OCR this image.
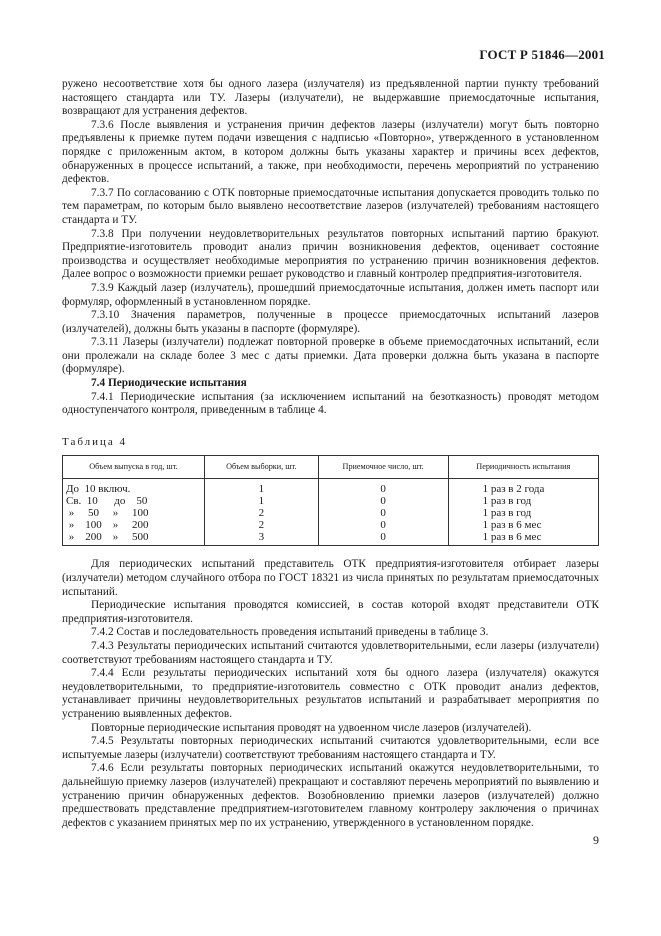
ГОСТ Р 51846—2001

ружено несоответствие хотя бы одного лазера (излучателя) из предъявленной партии пункту требований настоящего стандарта или ТУ. Лазеры (излучатели), не выдержавшие приемосдаточные испытания, возвращают для устранения дефектов.

7.3.6 После выявления и устранения причин дефектов лазеры (излучатели) могут быть повторно предъявлены к приемке путем подачи извещения с надписью «Повторно», утвержденного в установленном порядке с приложенным актом, в котором должны быть указаны характер и причины всех дефектов, обнаруженных в процессе испытаний, а также, при необходимости, перечень мероприятий по устранению дефектов.

7.3.7 По согласованию с ОТК повторные приемосдаточные испытания допускается проводить только по тем параметрам, по которым было выявлено несоответствие лазеров (излучателей) требованиям настоящего стандарта и ТУ.

7.3.8 При получении неудовлетворительных результатов повторных испытаний партию бракуют. Предприятие-изготовитель проводит анализ причин возникновения дефектов, оценивает состояние производства и осуществляет необходимые мероприятия по устранению причин возникновения дефектов. Далее вопрос о возможности приемки решает руководство и главный контролер предприятия-изготовителя.

7.3.9 Каждый лазер (излучатель), прошедший приемосдаточные испытания, должен иметь паспорт или формуляр, оформленный в установленном порядке.

7.3.10 Значения параметров, полученные в процессе приемосдаточных испытаний лазеров (излучателей), должны быть указаны в паспорте (формуляре).

7.3.11 Лазеры (излучатели) подлежат повторной проверке в объеме приемосдаточных испытаний, если они пролежали на складе более 3 мес с даты приемки. Дата проверки должна быть указана в паспорте (формуляре).

7.4 Периодические испытания

7.4.1 Периодические испытания (за исключением испытаний на безотказность) проводят методом одноступенчатого контроля, приведенным в таблице 4.

Таблица 4
Объем выпуска в год, шт.	Объем выборки, шт.	Приемочное число, шт.	Периодичность испытания
До  10 включ.	1	0	1 раз в 2 года
Св.  10      до    50	1	0	1 раз в год
»     50     »     100	2	0	1 раз в год
»    100    »     200	2	0	1 раз в 6 мес
»    200    »     500	3	0	1 раз в 6 мес

Для периодических испытаний представитель ОТК предприятия-изготовителя отбирает лазеры (излучатели) методом случайного отбора по ГОСТ 18321 из числа принятых по результатам приемосдаточных испытаний.

Периодические испытания проводятся комиссией, в состав которой входят представители ОТК предприятия-изготовителя.

7.4.2 Состав и последовательность проведения испытаний приведены в таблице 3.

7.4.3 Результаты периодических испытаний считаются удовлетворительными, если лазеры (излучатели) соответствуют требованиям настоящего стандарта и ТУ.

7.4.4 Если результаты периодических испытаний хотя бы одного лазера (излучателя) окажутся неудовлетворительными, то предприятие-изготовитель совместно с ОТК проводит анализ дефектов, устанавливает причины неудовлетворительных результатов испытаний и разрабатывает мероприятия по устранению выявленных дефектов.

Повторные периодические испытания проводят на удвоенном числе лазеров (излучателей).

7.4.5 Результаты повторных периодических испытаний считаются удовлетворительными, если все испытуемые лазеры (излучатели) соответствуют требованиям настоящего стандарта и ТУ.

7.4.6 Если результаты повторных периодических испытаний окажутся неудовлетворительными, то дальнейшую приемку лазеров (излучателей) прекращают и составляют перечень мероприятий по выявлению и устранению причин обнаруженных дефектов. Возобновлению приемки лазеров (излучателей) должно предшествовать представление предприятием-изготовителем главному контролеру заключения о причинах дефектов с указанием принятых мер по их устранению, утвержденного в установленном порядке.

9
